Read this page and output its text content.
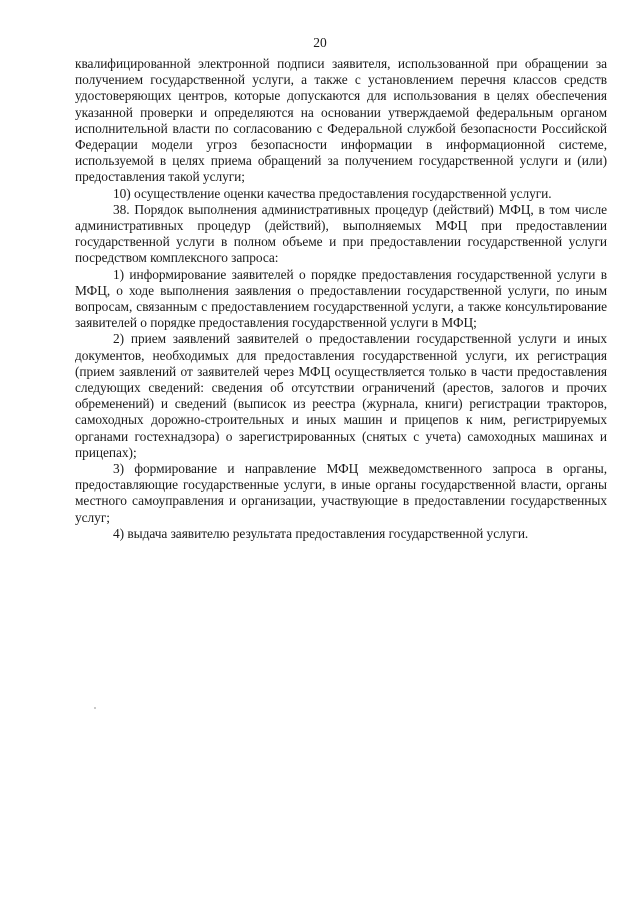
20

квалифицированной электронной подписи заявителя, использованной при обращении за получением государственной услуги, а также с установлением перечня классов средств удостоверяющих центров, которые допускаются для использования в целях обеспечения указанной проверки и определяются на основании утверждаемой федеральным органом исполнительной власти по согласованию с Федеральной службой безопасности Российской Федерации модели угроз безопасности информации в информационной системе, используемой в целях приема обращений за получением государственной услуги и (или) предоставления такой услуги;

10) осуществление оценки качества предоставления государственной услуги.

38. Порядок выполнения административных процедур (действий) МФЦ, в том числе административных процедур (действий), выполняемых МФЦ при предоставлении государственной услуги в полном объеме и при предоставлении государственной услуги посредством комплексного запроса:

1) информирование заявителей о порядке предоставления государственной услуги в МФЦ, о ходе выполнения заявления о предоставлении государственной услуги, по иным вопросам, связанным с предоставлением государственной услуги, а также консультирование заявителей о порядке предоставления государственной услуги в МФЦ;

2) прием заявлений заявителей о предоставлении государственной услуги и иных документов, необходимых для предоставления государственной услуги, их регистрация (прием заявлений от заявителей через МФЦ осуществляется только в части предоставления следующих сведений: сведения об отсутствии ограничений (арестов, залогов и прочих обременений) и сведений (выписок из реестра (журнала, книги) регистрации тракторов, самоходных дорожно-строительных и иных машин и прицепов к ним, регистрируемых органами гостехнадзора) о зарегистрированных (снятых с учета) самоходных машинах и прицепах);

3) формирование и направление МФЦ межведомственного запроса в органы, предоставляющие государственные услуги, в иные органы государственной власти, органы местного самоуправления и организации, участвующие в предоставлении государственных услуг;

4) выдача заявителю результата предоставления государственной услуги.
